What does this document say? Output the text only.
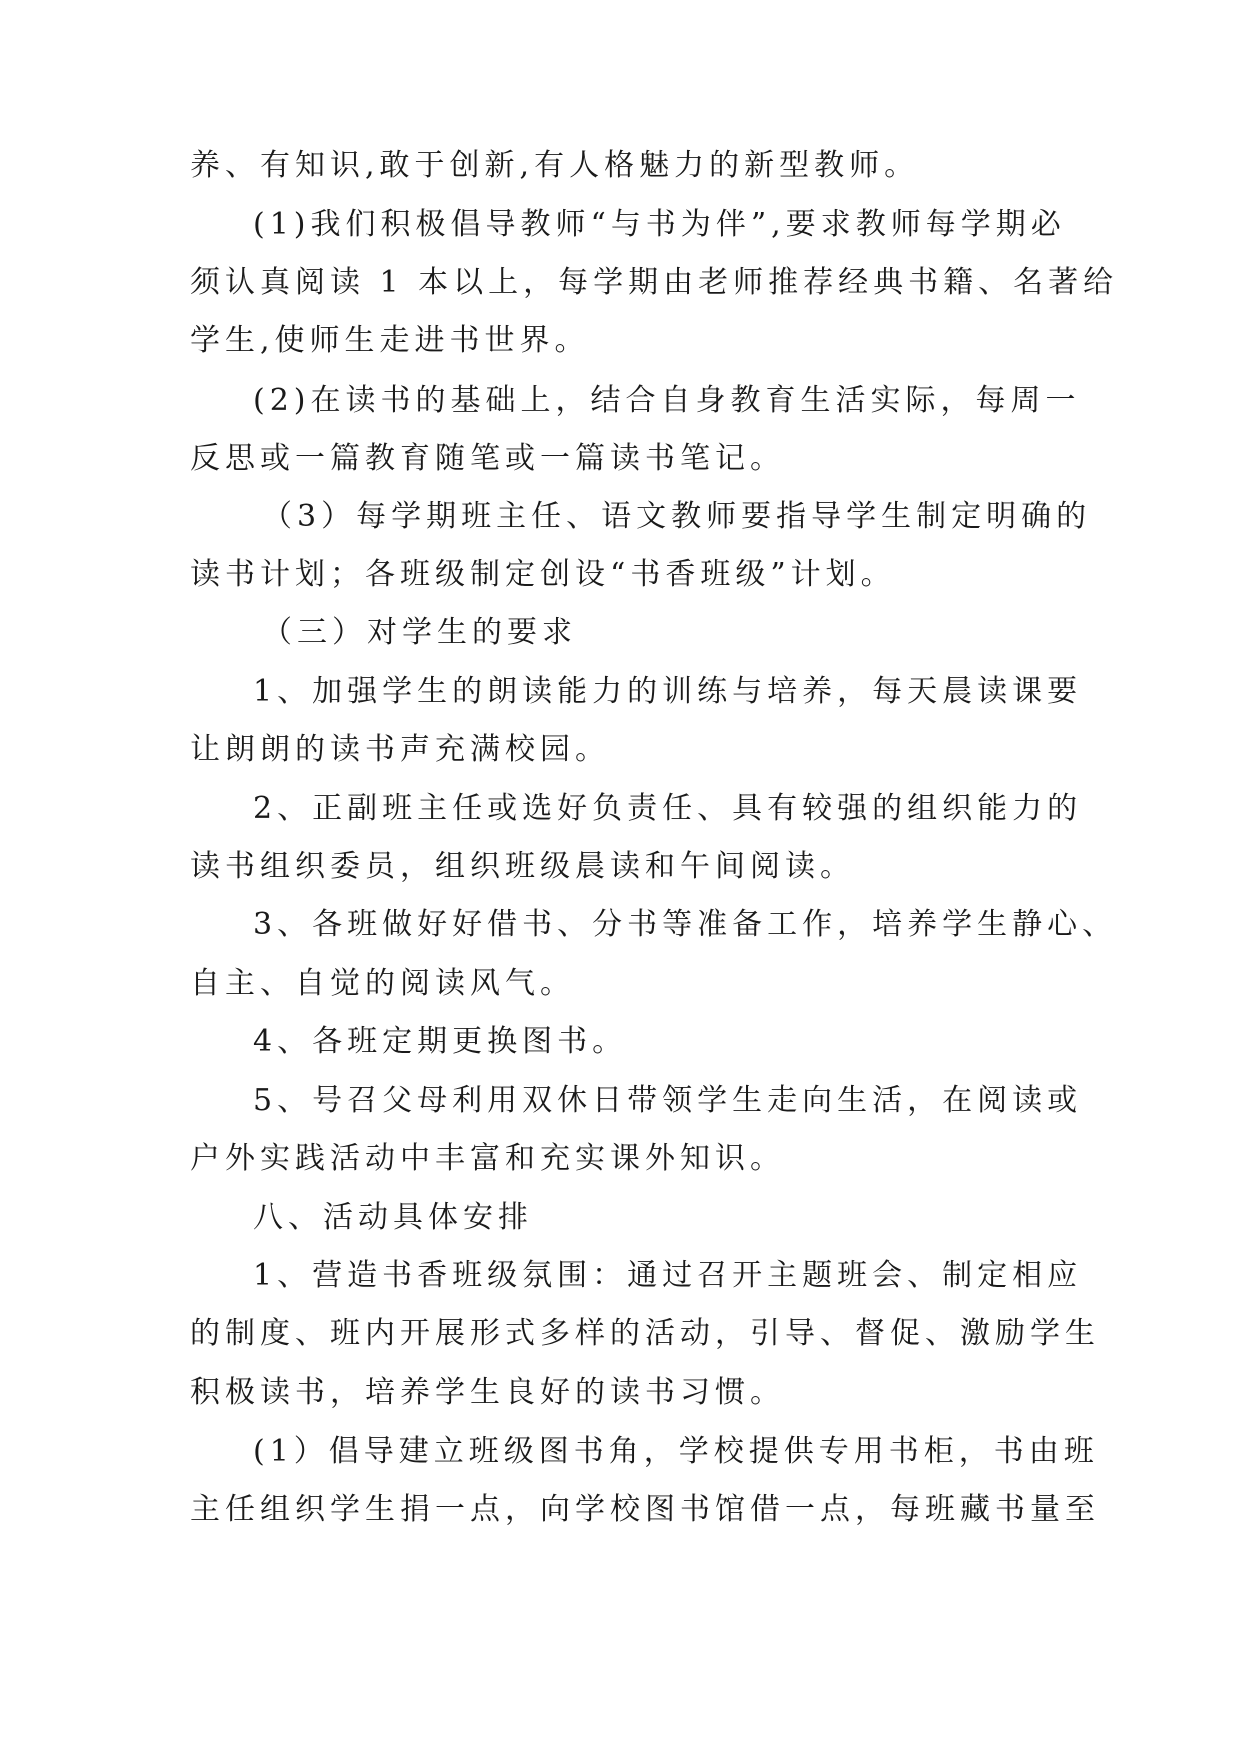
养、有知识,敢于创新,有人格魅力的新型教师。
(1)我们积极倡导教师“与书为伴”,要求教师每学期必
须认真阅读 1 本以上，每学期由老师推荐经典书籍、名著给
学生,使师生走进书世界。
(2)在读书的基础上，结合自身教育生活实际，每周一
反思或一篇教育随笔或一篇读书笔记。
（3）每学期班主任、语文教师要指导学生制定明确的
读书计划；各班级制定创设“书香班级”计划。
（三）对学生的要求
1、加强学生的朗读能力的训练与培养，每天晨读课要
让朗朗的读书声充满校园。
2、正副班主任或选好负责任、具有较强的组织能力的
读书组织委员，组织班级晨读和午间阅读。
3、各班做好好借书、分书等准备工作，培养学生静心、
自主、自觉的阅读风气。
4、各班定期更换图书。
5、号召父母利用双休日带领学生走向生活，在阅读或
户外实践活动中丰富和充实课外知识。
八、活动具体安排
1、营造书香班级氛围：通过召开主题班会、制定相应
的制度、班内开展形式多样的活动，引导、督促、激励学生
积极读书，培养学生良好的读书习惯。
(1）倡导建立班级图书角，学校提供专用书柜，书由班
主任组织学生捐一点，向学校图书馆借一点，每班藏书量至
